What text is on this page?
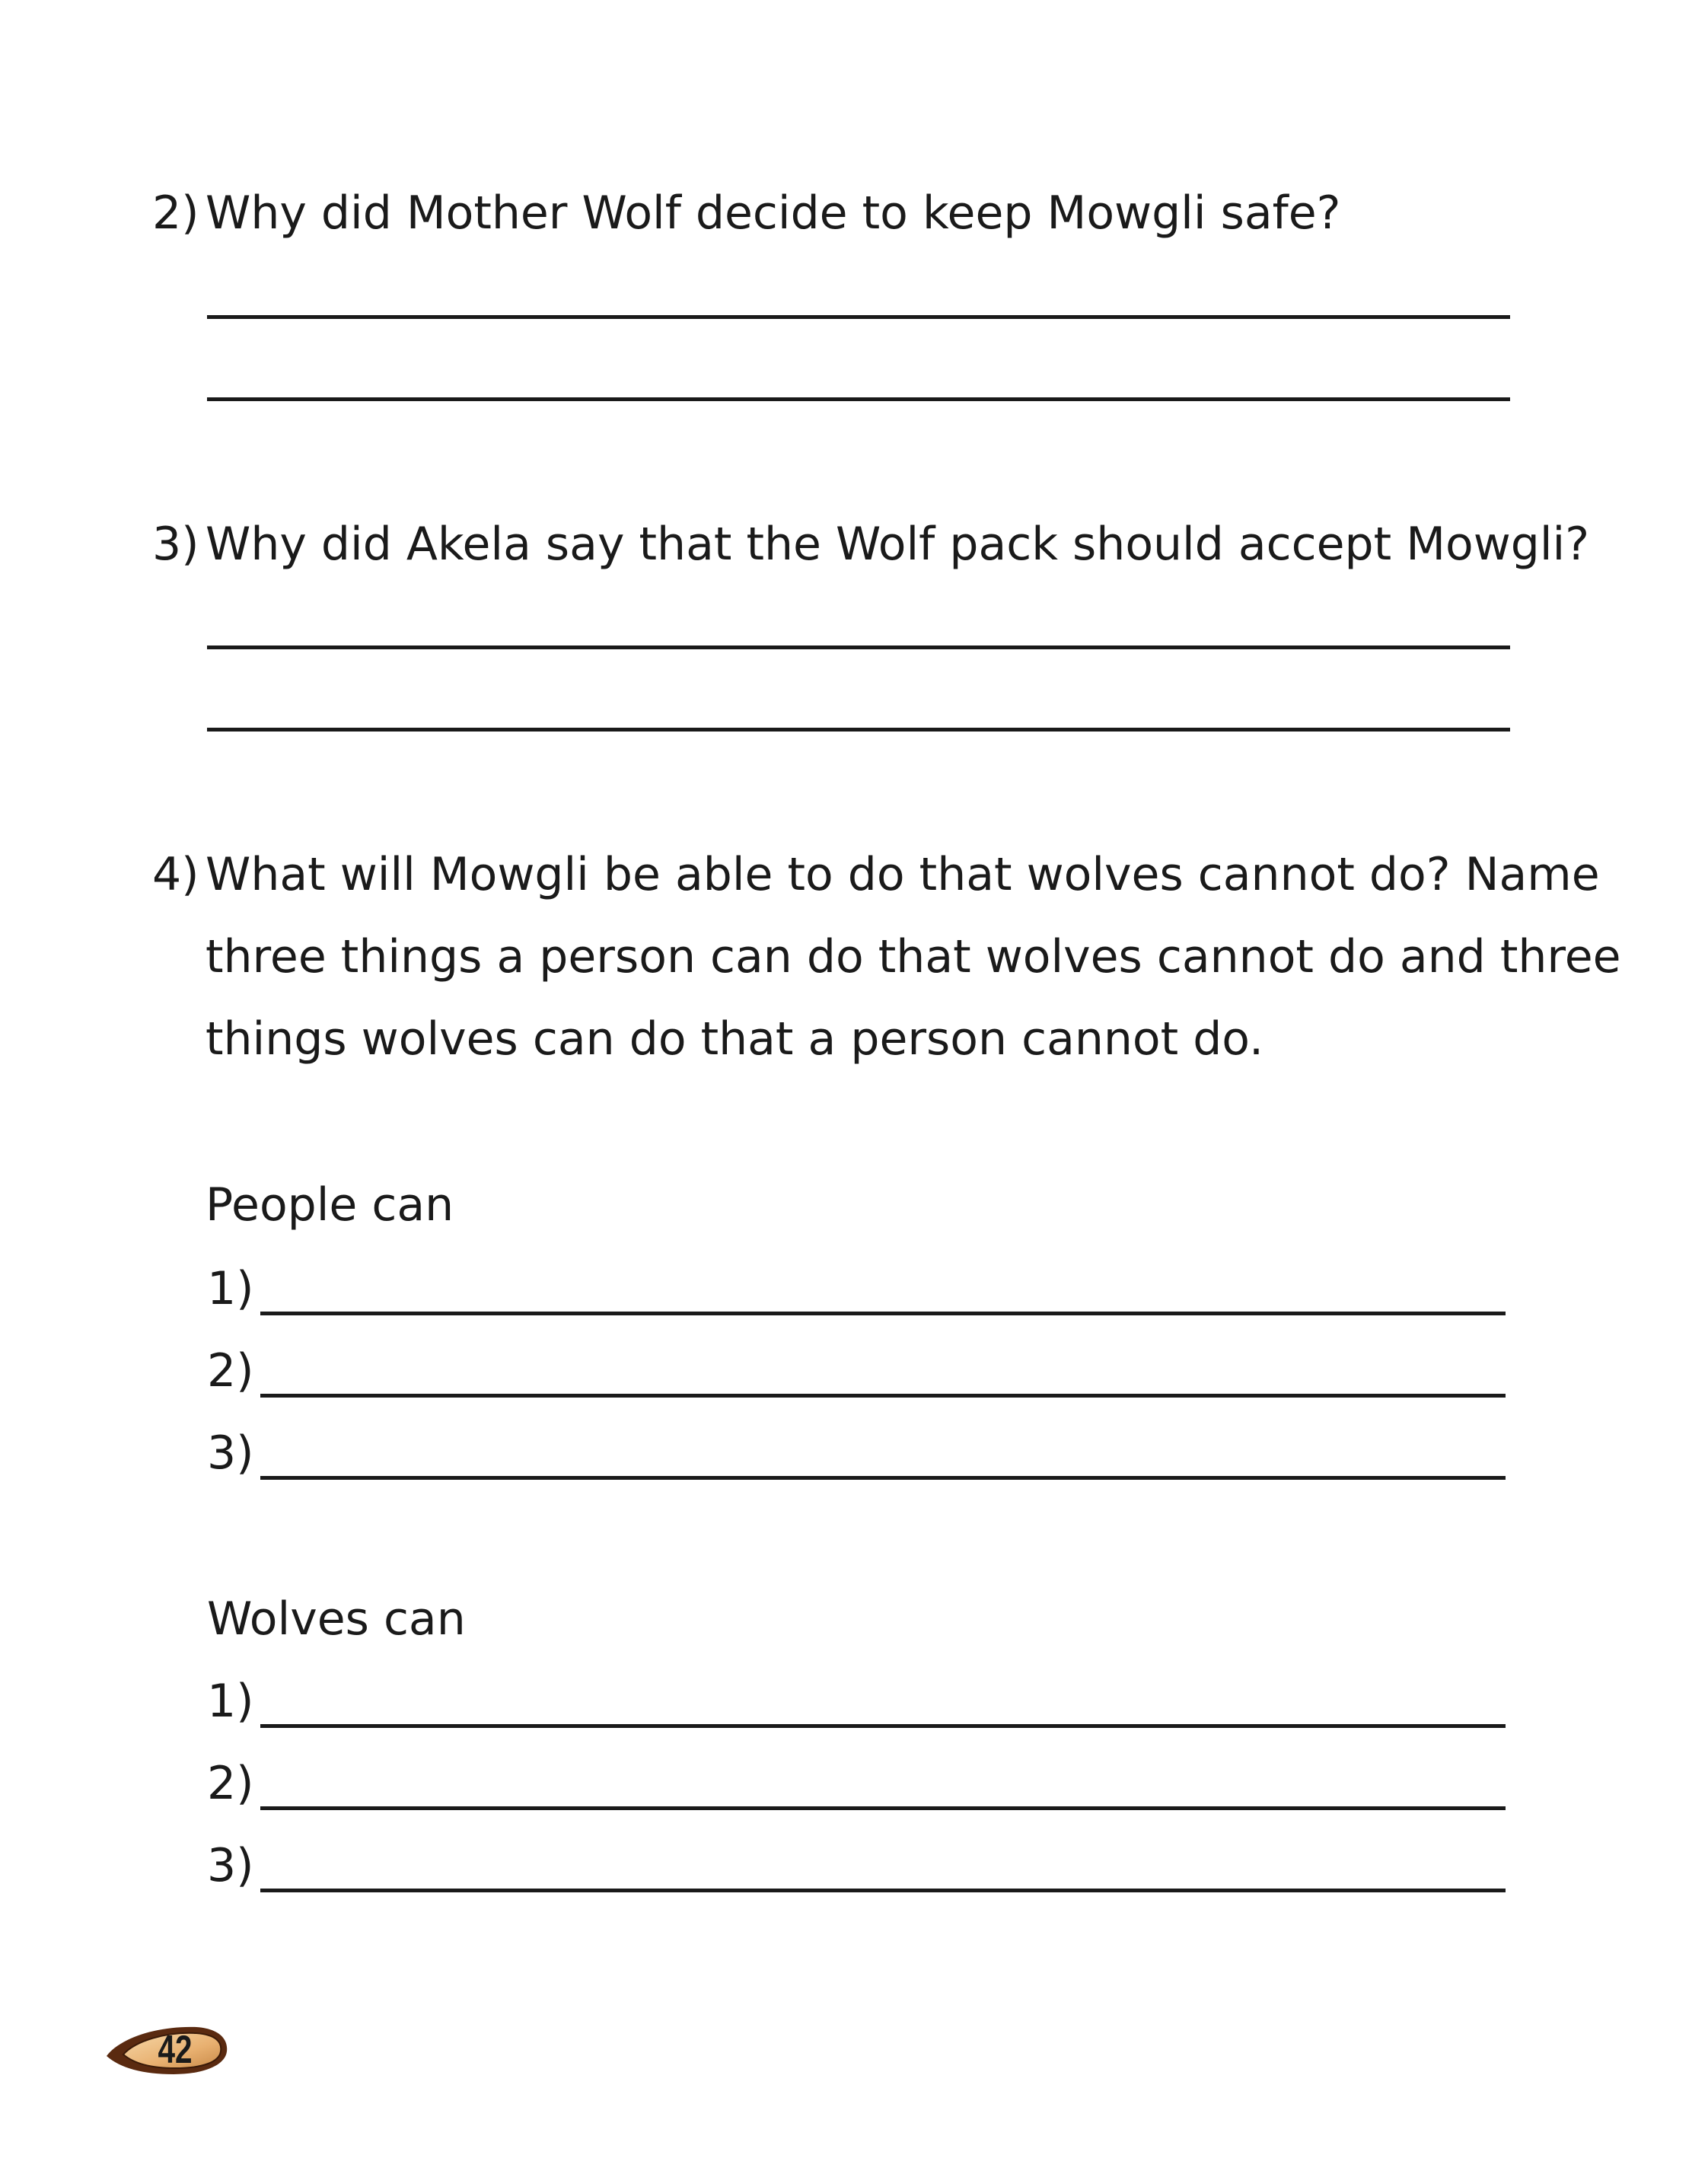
2) Why did Mother Wolf decide to keep Mowgli safe?
3) Why did Akela say that the Wolf pack should accept Mowgli?
4) What will Mowgli be able to do that wolves cannot do? Name
three things a person can do that wolves cannot do and three
things wolves can do that a person cannot do.

People can

1)
2)
3)

Wolves can

1)
2)
3)
42
